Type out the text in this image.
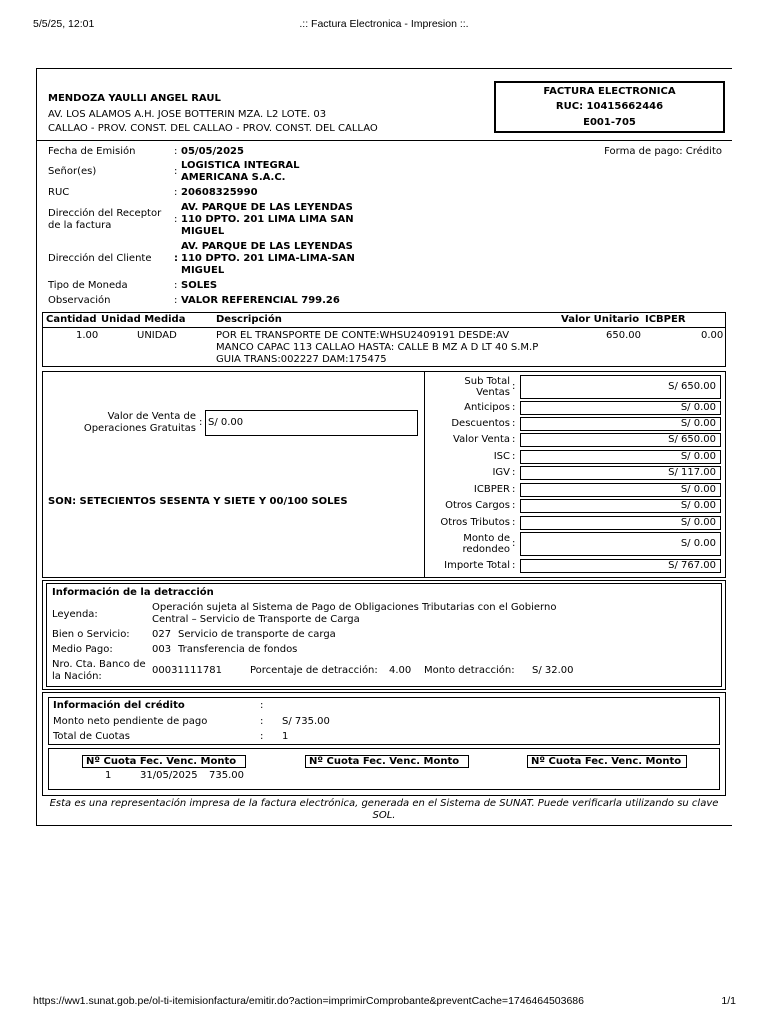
5/5/25, 12:01	.:: Factura Electronica - Impresion ::.
MENDOZA YAULLI ANGEL RAUL
AV. LOS ALAMOS A.H. JOSE BOTTERIN MZA. L2 LOTE. 03
CALLAO - PROV. CONST. DEL CALLAO - PROV. CONST. DEL CALLAO
FACTURA ELECTRONICA
RUC: 10415662446
E001-705
Fecha de Emisión	: 05/05/2025	Forma de pago: Crédito
Señor(es)	:
LOGISTICA INTEGRAL
AMERICANA S.A.C.
RUC	: 20608325990
Dirección del Receptor
de la factura
:
AV. PARQUE DE LAS LEYENDAS
110 DPTO. 201 LIMA LIMA SAN
MIGUEL
Dirección del Cliente
AV. PARQUE DE LAS LEYENDAS
: 110 DPTO. 201 LIMA-LIMA-SAN
MIGUEL
Tipo de Moneda	: SOLES
Observación	: VALOR REFERENCIAL 799.26
Cantidad Unidad Medida	Descripción	Valor Unitario ICBPER
1.00	UNIDAD	POR EL TRANSPORTE DE CONTE:WHSU2409191 DESDE:AV
MANCO CAPAC 113 CALLAO HASTA: CALLE B MZ A D LT 40 S.M.P
GUIA TRANS:002227 DAM:175475
650.00	0.00
Valor de Venta de
Operaciones Gratuitas
: S/ 0.00
SON: SETECIENTOS SESENTA Y SIETE Y 00/100 SOLES
Sub Total
Ventas
:	S/ 650.00
Anticipos :	S/ 0.00
Descuentos :	S/ 0.00
Valor Venta :	S/ 650.00
ISC :	S/ 0.00
IGV :	S/ 117.00
ICBPER :	S/ 0.00
Otros Cargos :	S/ 0.00
Otros Tributos :	S/ 0.00
Monto de
redondeo
:	S/ 0.00
Importe Total :	S/ 767.00
Información de la detracción
Leyenda:
Operación sujeta al Sistema de Pago de Obligaciones Tributarias con el Gobierno
Central – Servicio de Transporte de Carga
Bien o Servicio: 027 Servicio de transporte de carga
Medio Pago:	003 Transferencia de fondos
Nro. Cta. Banco de
la Nación:
00031111781	Porcentaje de detracción: 4.00 Monto detracción: S/ 32.00
Información del crédito	:
Monto neto pendiente de pago	: S/ 735.00
Total de Cuotas	: 1
Nº Cuota Fec. Venc. Monto	Nº Cuota Fec. Venc. Monto	Nº Cuota Fec. Venc. Monto
1	31/05/2025 735.00
Esta es una representación impresa de la factura electrónica, generada en el Sistema de SUNAT. Puede verificarla utilizando su clave
SOL.
https://ww1.sunat.gob.pe/ol-ti-itemisionfactura/emitir.do?action=imprimirComprobante&preventCache=1746464503686	1/1
